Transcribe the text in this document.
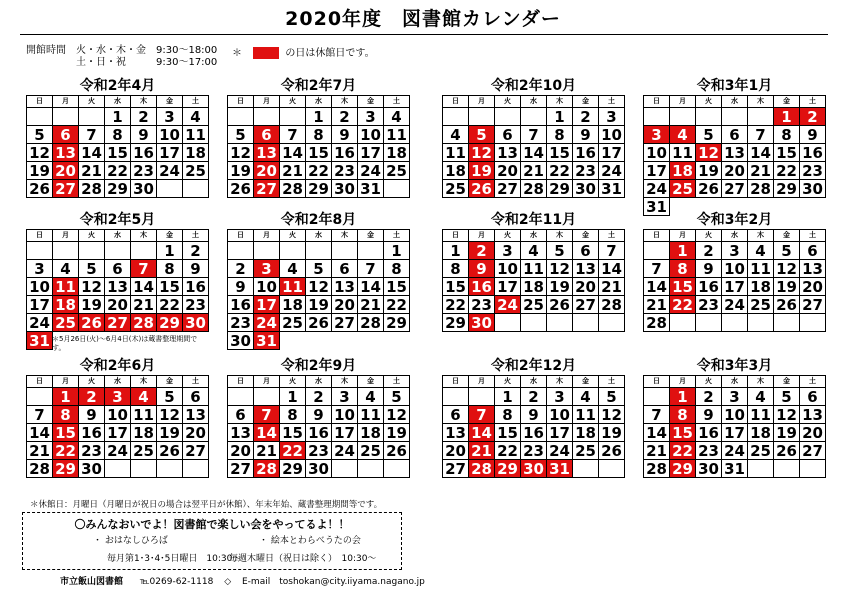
2020年度　図書館カレンダー
開館時間	火・水・木・金 9:30～18:00
土・日・祝	9:30～17:00
＊	の日は休館日です。
令和2年4月
日	月	火	水	木	金	土
			1	2	3	4
5	6	7	8	9	10	11
12	13	14	15	16	17	18
19	20	21	22	23	24	25
26	27	28	29	30		
令和2年5月
日	月	火	水	木	金	土
					1	2
3	4	5	6	7	8	9
10	11	12	13	14	15	16
17	18	19	20	21	22	23
24	25	26	27	28	29	30
31						＊5月26日(火)～6月4日(木)は蔵書整理期間です。
令和2年6月
日	月	火	水	木	金	土
	1	2	3	4	5	6
7	8	9	10	11	12	13
14	15	16	17	18	19	20
21	22	23	24	25	26	27
28	29	30				
令和2年7月
日	月	火	水	木	金	土
			1	2	3	4
5	6	7	8	9	10	11
12	13	14	15	16	17	18
19	20	21	22	23	24	25
26	27	28	29	30	31	
令和2年8月
日	月	火	水	木	金	土
						1
2	3	4	5	6	7	8
9	10	11	12	13	14	15
16	17	18	19	20	21	22
23	24	25	26	27	28	29
30	31					
令和2年9月
日	月	火	水	木	金	土
		1	2	3	4	5
6	7	8	9	10	11	12
13	14	15	16	17	18	19
20	21	22	23	24	25	26
27	28	29	30			
令和2年10月
日	月	火	水	木	金	土
				1	2	3
4	5	6	7	8	9	10
11	12	13	14	15	16	17
18	19	20	21	22	23	24
25	26	27	28	29	30	31
令和2年11月
日	月	火	水	木	金	土
1	2	3	4	5	6	7
8	9	10	11	12	13	14
15	16	17	18	19	20	21
22	23	24	25	26	27	28
29	30					
令和2年12月
日	月	火	水	木	金	土
		1	2	3	4	5
6	7	8	9	10	11	12
13	14	15	16	17	18	19
20	21	22	23	24	25	26
27	28	29	30	31		
令和3年1月
日	月	火	水	木	金	土
					1	2
3	4	5	6	7	8	9
10	11	12	13	14	15	16
17	18	19	20	21	22	23
24	25	26	27	28	29	30
31						
令和3年2月
日	月	火	水	木	金	土
	1	2	3	4	5	6
7	8	9	10	11	12	13
14	15	16	17	18	19	20
21	22	23	24	25	26	27
28						
令和3年3月
日	月	火	水	木	金	土
	1	2	3	4	5	6
7	8	9	10	11	12	13
14	15	16	17	18	19	20
21	22	23	24	25	26	27
28	29	30	31			
＊休館日：月曜日（月曜日が祝日の場合は翌平日が休館）、年末年始、蔵書整理期間等です。
〇みんなおいでよ！図書館で楽しい会をやってるよ！！
・ おはなしひろば	・ 絵本とわらべうたの会
毎月第1･3･4･5日曜日　10:30～
毎週木曜日（祝日は除く）　10:30～
市立飯山図書館 ℡0269-62-1118 ◇ E-mail　toshokan@city.iiyama.nagano.jp
